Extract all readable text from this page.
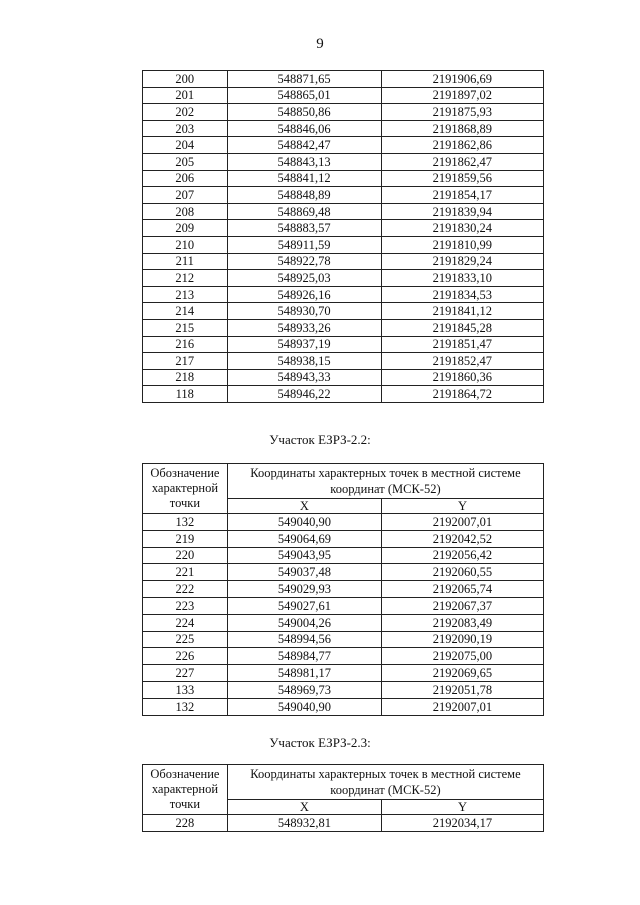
9
200	548871,65	2191906,69
201	548865,01	2191897,02
202	548850,86	2191875,93
203	548846,06	2191868,89
204	548842,47	2191862,86
205	548843,13	2191862,47
206	548841,12	2191859,56
207	548848,89	2191854,17
208	548869,48	2191839,94
209	548883,57	2191830,24
210	548911,59	2191810,99
211	548922,78	2191829,24
212	548925,03	2191833,10
213	548926,16	2191834,53
214	548930,70	2191841,12
215	548933,26	2191845,28
216	548937,19	2191851,47
217	548938,15	2191852,47
218	548943,33	2191860,36
118	548946,22	2191864,72
Участок ЕЗРЗ-2.2:
Обозначение характерной точки	Координаты характерных точек в местной системе координат (МСК-52)	
	X	Y
132	549040,90	2192007,01
219	549064,69	2192042,52
220	549043,95	2192056,42
221	549037,48	2192060,55
222	549029,93	2192065,74
223	549027,61	2192067,37
224	549004,26	2192083,49
225	548994,56	2192090,19
226	548984,77	2192075,00
227	548981,17	2192069,65
133	548969,73	2192051,78
132	549040,90	2192007,01
Участок ЕЗРЗ-2.3:
Обозначение характерной точки	Координаты характерных точек в местной системе координат (МСК-52)	
	X	Y
228	548932,81	2192034,17
